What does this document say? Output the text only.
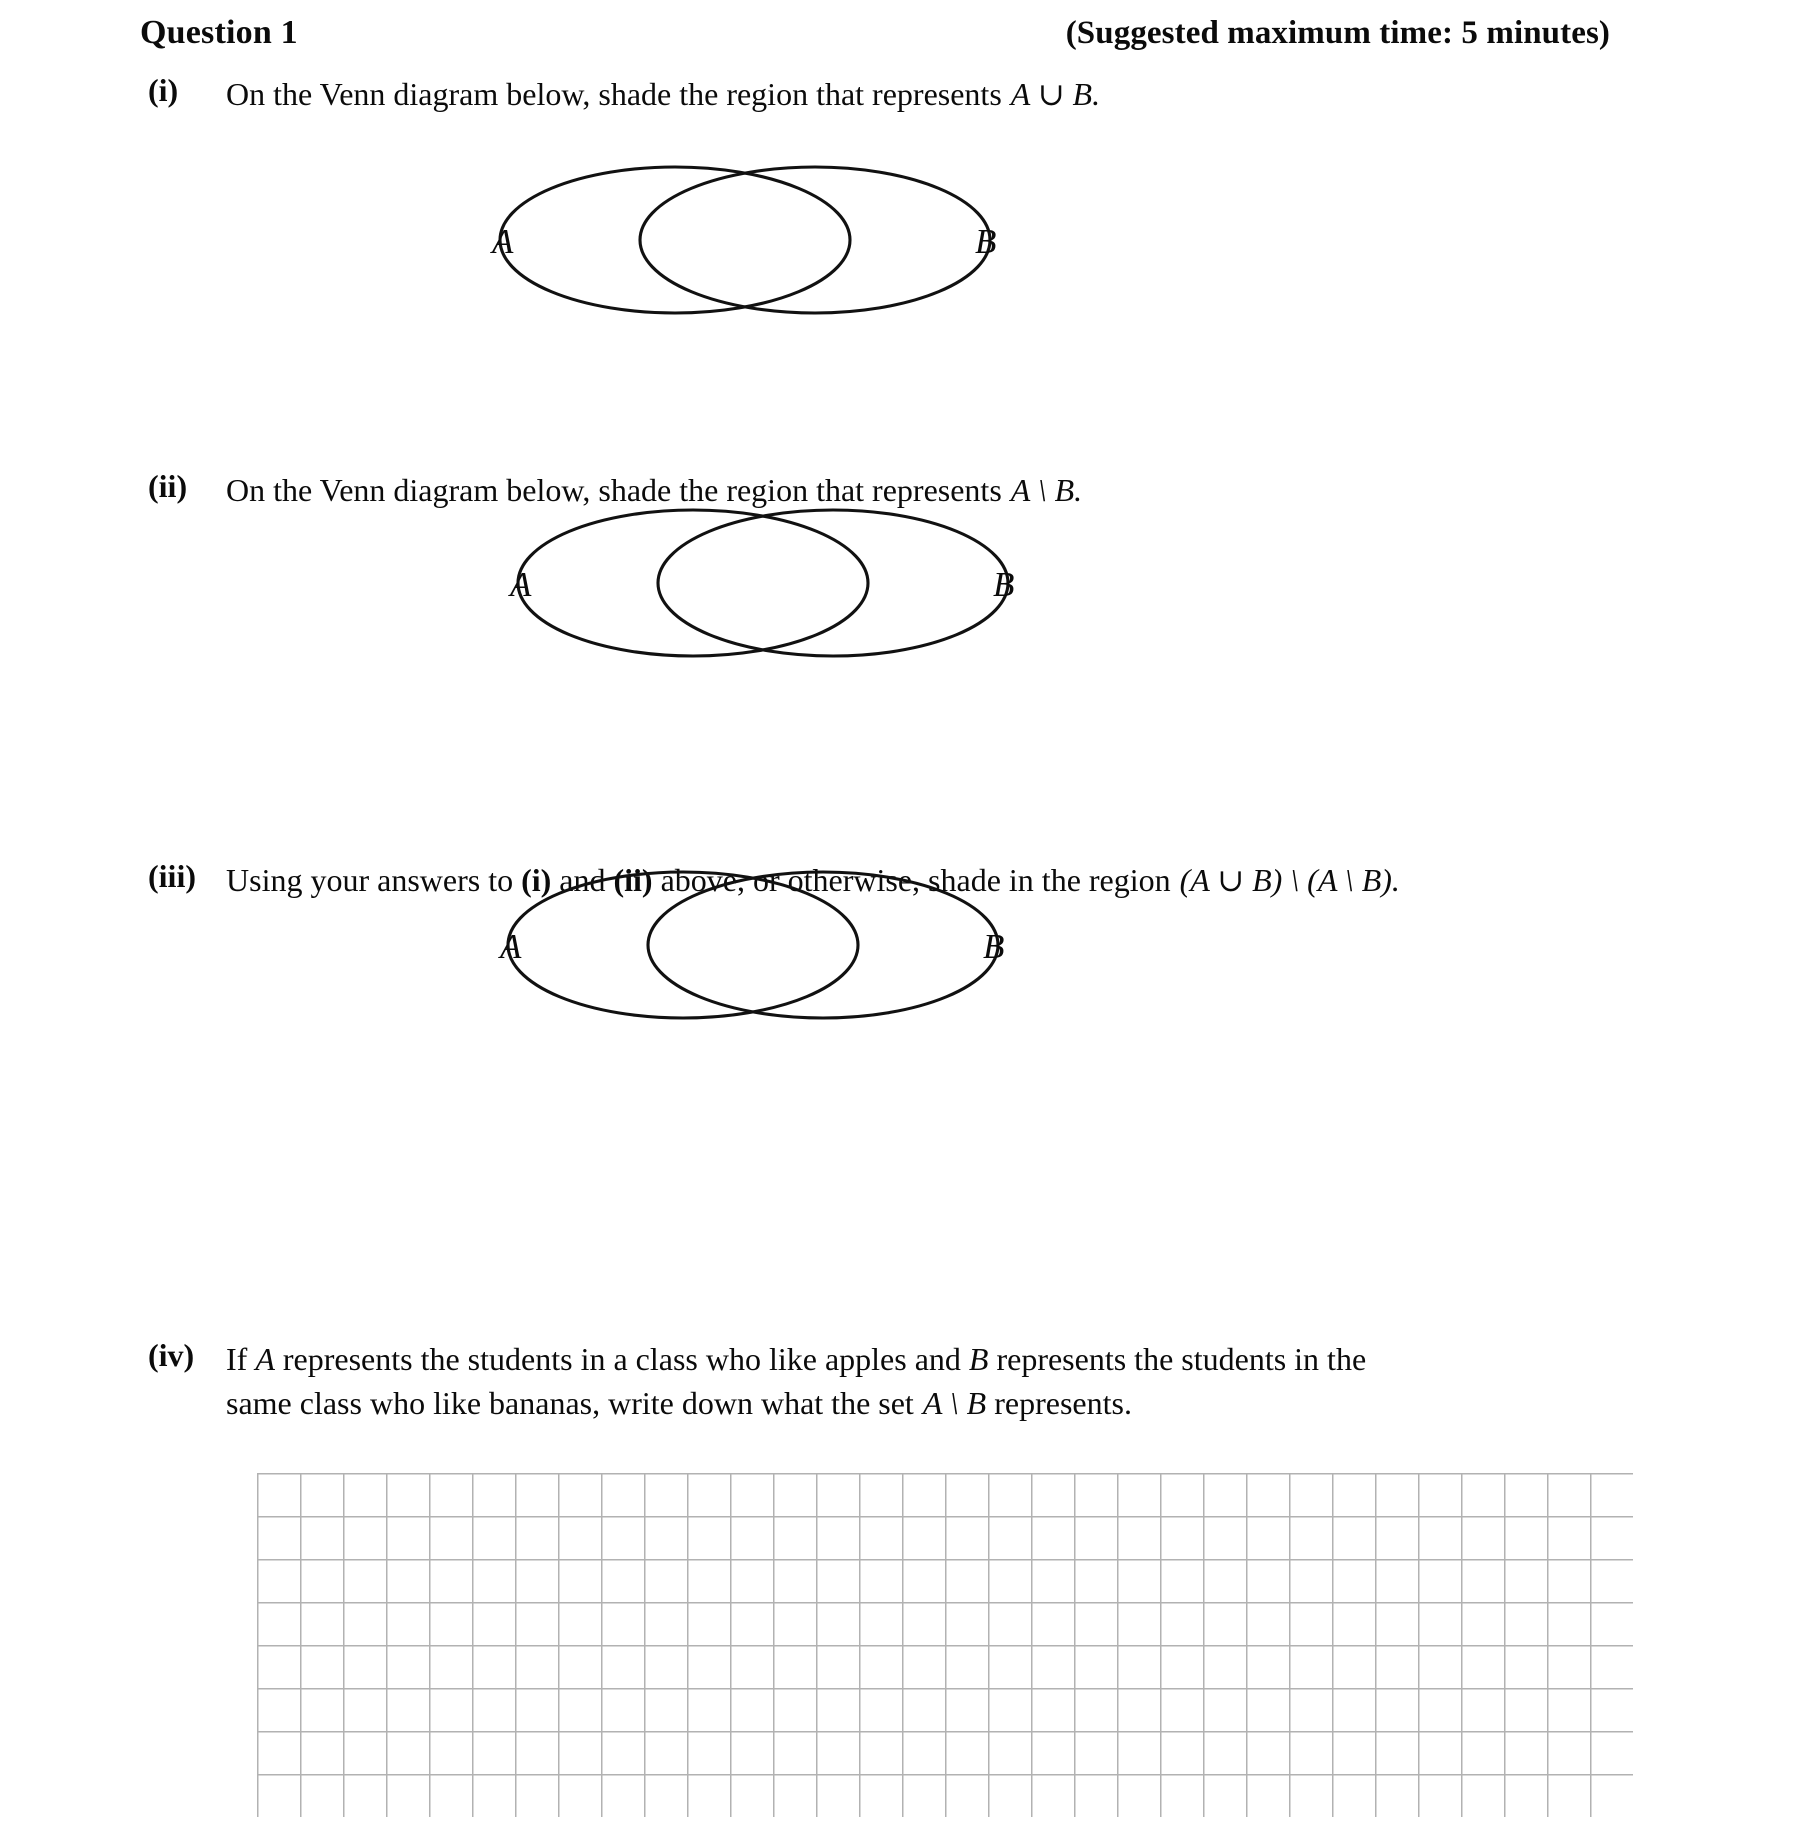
Question 1	(Suggested maximum time: 5 minutes)
(i)	On the Venn diagram below, shade the region that represents A ∪ B.
A	B
(ii)	On the Venn diagram below, shade the region that represents A \ B.
A	B
(iii) Using your answers to (i) and (ii) above, or otherwise, shade in the region (A ∪ B) \ (A \ B).
A	B
(iv) If A represents the students in a class who like apples and B represents the students in the
same class who like bananas, write down what the set A \ B represents.
